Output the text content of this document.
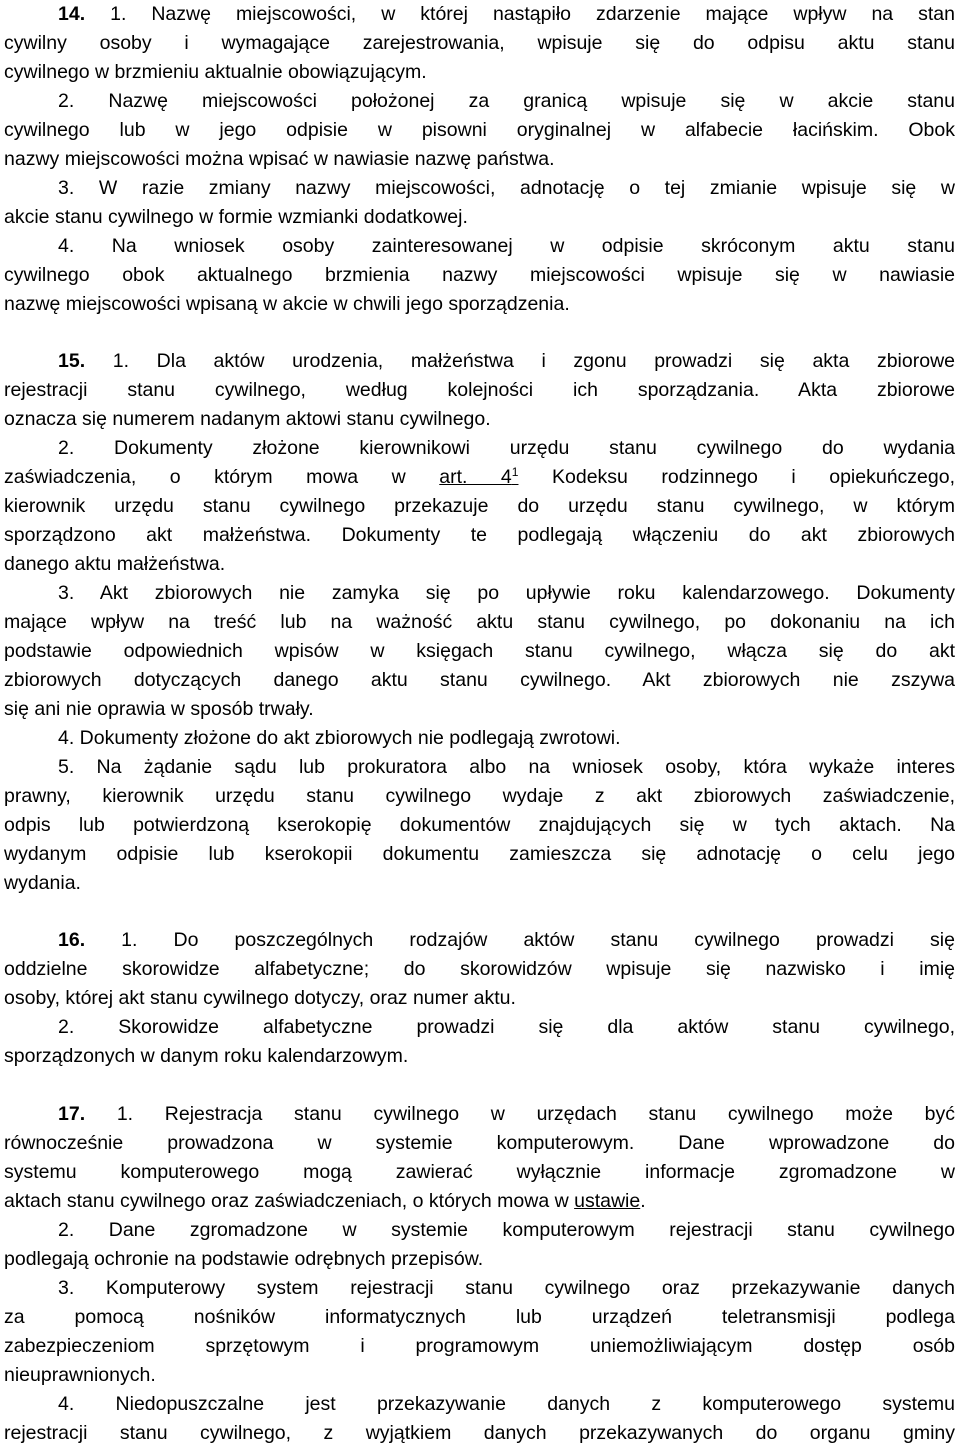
14. 1. Nazwę miejscowości, w której nastąpiło zdarzenie mające wpływ na stan
cywilny osoby i wymagające zarejestrowania, wpisuje się do odpisu aktu stanu
cywilnego w brzmieniu aktualnie obowiązującym.
2. Nazwę miejscowości położonej za granicą wpisuje się w akcie stanu
cywilnego lub w jego odpisie w pisowni oryginalnej w alfabecie łacińskim. Obok
nazwy miejscowości można wpisać w nawiasie nazwę państwa.
3. W razie zmiany nazwy miejscowości, adnotację o tej zmianie wpisuje się w
akcie stanu cywilnego w formie wzmianki dodatkowej.
4. Na wniosek osoby zainteresowanej w odpisie skróconym aktu stanu
cywilnego obok aktualnego brzmienia nazwy miejscowości wpisuje się w nawiasie
nazwę miejscowości wpisaną w akcie w chwili jego sporządzenia.
15. 1. Dla aktów urodzenia, małżeństwa i zgonu prowadzi się akta zbiorowe
rejestracji stanu cywilnego, według kolejności ich sporządzania. Akta zbiorowe
oznacza się numerem nadanym aktowi stanu cywilnego.
2. Dokumenty złożone kierownikowi urzędu stanu cywilnego do wydania
zaświadczenia, o którym mowa w art. $4^1$ Kodeksu rodzinnego i opiekuńczego,
kierownik urzędu stanu cywilnego przekazuje do urzędu stanu cywilnego, w którym
sporządzono akt małżeństwa. Dokumenty te podlegają włączeniu do akt zbiorowych
danego aktu małżeństwa.
3. Akt zbiorowych nie zamyka się po upływie roku kalendarzowego. Dokumenty
mające wpływ na treść lub na ważność aktu stanu cywilnego, po dokonaniu na ich
podstawie odpowiednich wpisów w księgach stanu cywilnego, włącza się do akt
zbiorowych dotyczących danego aktu stanu cywilnego. Akt zbiorowych nie zszywa
się ani nie oprawia w sposób trwały.
4. Dokumenty złożone do akt zbiorowych nie podlegają zwrotowi.
5. Na żądanie sądu lub prokuratora albo na wniosek osoby, która wykaże interes
prawny, kierownik urzędu stanu cywilnego wydaje z akt zbiorowych zaświadczenie,
odpis lub potwierdzoną kserokopię dokumentów znajdujących się w tych aktach. Na
wydanym odpisie lub kserokopii dokumentu zamieszcza się adnotację o celu jego
wydania.
16. 1. Do poszczególnych rodzajów aktów stanu cywilnego prowadzi się
oddzielne skorowidze alfabetyczne; do skorowidzów wpisuje się nazwisko i imię
osoby, której akt stanu cywilnego dotyczy, oraz numer aktu.
2. Skorowidze alfabetyczne prowadzi się dla aktów stanu cywilnego,
sporządzonych w danym roku kalendarzowym.
17. 1. Rejestracja stanu cywilnego w urzędach stanu cywilnego może być
równocześnie prowadzona w systemie komputerowym. Dane wprowadzone do
systemu komputerowego mogą zawierać wyłącznie informacje zgromadzone w
aktach stanu cywilnego oraz zaświadczeniach, o których mowa w ustawie.
2. Dane zgromadzone w systemie komputerowym rejestracji stanu cywilnego
podlegają ochronie na podstawie odrębnych przepisów.
3. Komputerowy system rejestracji stanu cywilnego oraz przekazywanie danych
za pomocą nośników informatycznych lub urządzeń teletransmisji podlega
zabezpieczeniom sprzętowym i programowym uniemożliwiającym dostęp osób
nieuprawnionych.
4. Niedopuszczalne jest przekazywanie danych z komputerowego systemu
rejestracji stanu cywilnego, z wyjątkiem danych przekazywanych do organu gminy
